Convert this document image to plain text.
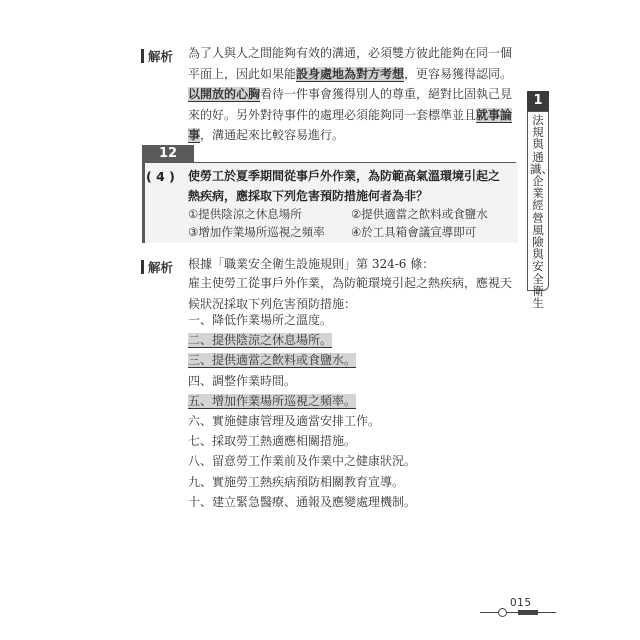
解析 為了人與人之間能夠有效的溝通，必須雙方彼此能夠在同一個平面上，因此如果能設身處地為對方考想，更容易獲得認同。以開放的心胸看待一件事會獲得別人的尊重，絕對比固執己見來的好。另外對待事件的處理必須能夠同一套標準並且就事論事，溝通起來比較容易進行。

12
( 4 ) 使勞工於夏季期間從事戶外作業，為防範高氣溫環境引起之熱疾病，應採取下列危害預防措施何者為非？
①提供陰涼之休息場所	②提供適當之飲料或食鹽水
③增加作業場所巡視之頻率 ④於工具箱會議宣導即可
解析 根據「職業安全衛生設施規則」第 324-6 條：

雇主使勞工從事戶外作業，為防範環境引起之熱疾病，應視天候狀況採取下列危害預防措施：

一、降低作業場所之溫度。
二、提供陰涼之休息場所。
三、提供適當之飲料或食鹽水。
四、調整作業時間。
五、增加作業場所巡視之頻率。
六、實施健康管理及適當安排工作。
七、採取勞工熱適應相關措施。
八、留意勞工作業前及作業中之健康狀況。
九、實施勞工熱疾病預防相關教育宣導。
十、建立緊急醫療、通報及應變處理機制。
1
法規與通識、企業經營風險與安全衛生
015
